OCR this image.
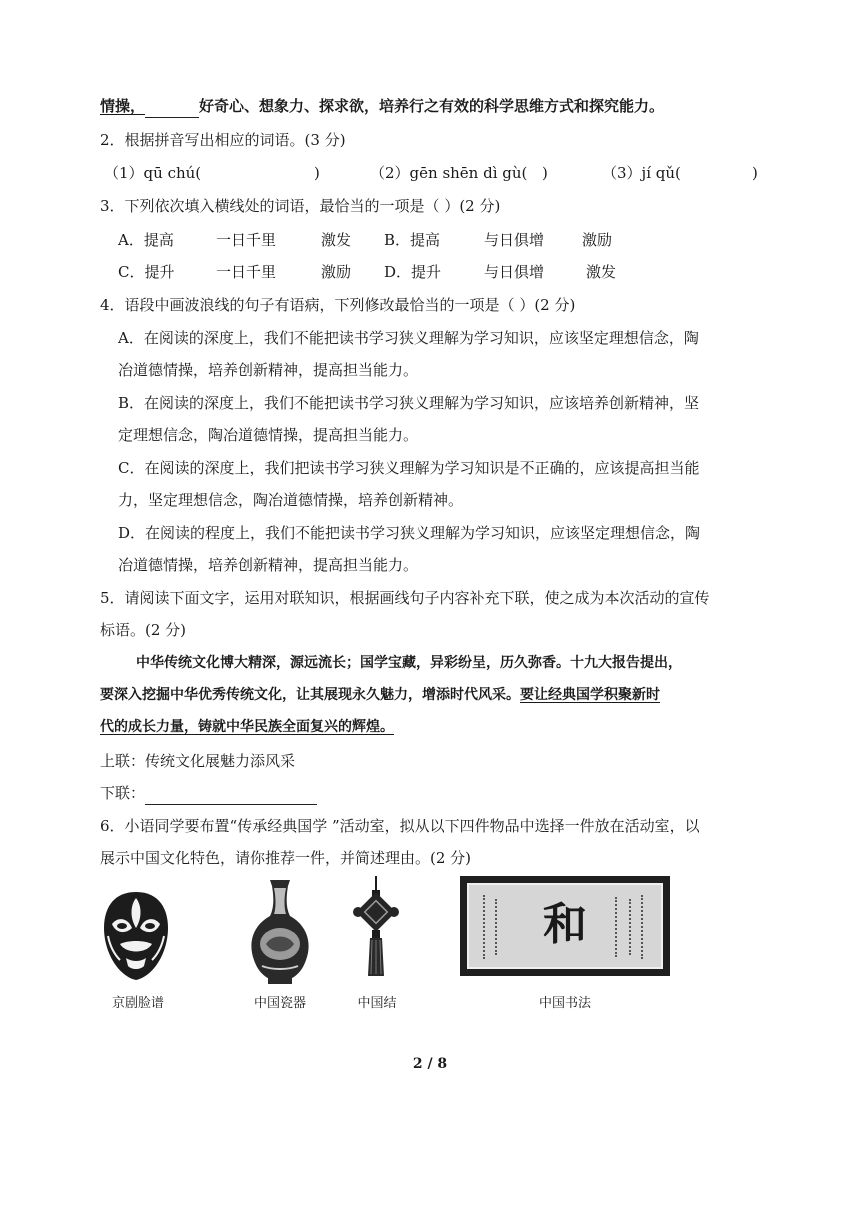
情操，	好奇心、想象力、探求欲，培养行之有效的科学思维方式和探究能力。
2．根据拼音写出相应的词语。(3 分)
（1）qū chú(	)	（2）gēn shēn dì gù( )	（3）jí qǔ(	)
3．下列依次填入横线处的词语，最恰当的一项是（ ）(2 分)
A．提高	一日千里	激发 B．提高	与日俱增	激励
C．提升	一日千里	激励 D．提升	与日俱增	激发
4．语段中画波浪线的句子有语病，下列修改最恰当的一项是（ ）(2 分)
A．在阅读的深度上，我们不能把读书学习狭义理解为学习知识，应该坚定理想信念，陶
冶道德情操，培养创新精神，提高担当能力。
B．在阅读的深度上，我们不能把读书学习狭义理解为学习知识，应该培养创新精神，坚
定理想信念，陶冶道德情操，提高担当能力。
C．在阅读的深度上，我们把读书学习狭义理解为学习知识是不正确的，应该提高担当能
力，坚定理想信念，陶冶道德情操，培养创新精神。
D．在阅读的程度上，我们不能把读书学习狭义理解为学习知识，应该坚定理想信念，陶
冶道德情操，培养创新精神，提高担当能力。
5．请阅读下面文字，运用对联知识，根据画线句子内容补充下联，使之成为本次活动的宣传
标语。(2 分)
中华传统文化博大精深，源远流长；国学宝藏，异彩纷呈，历久弥香。十九大报告提出，
要深入挖掘中华优秀传统文化，让其展现永久魅力，增添时代风采。要让经典国学积聚新时
代的成长力量，铸就中华民族全面复兴的辉煌。
上联：传统文化展魅力添风采
下联：
6．小语同学要布置“传承经典国学 ”活动室，拟从以下四件物品中选择一件放在活动室，以
展示中国文化特色，请你推荐一件，并简述理由。(2 分)
京剧脸谱	中国瓷器	中国结
和
中国书法
2 / 8
